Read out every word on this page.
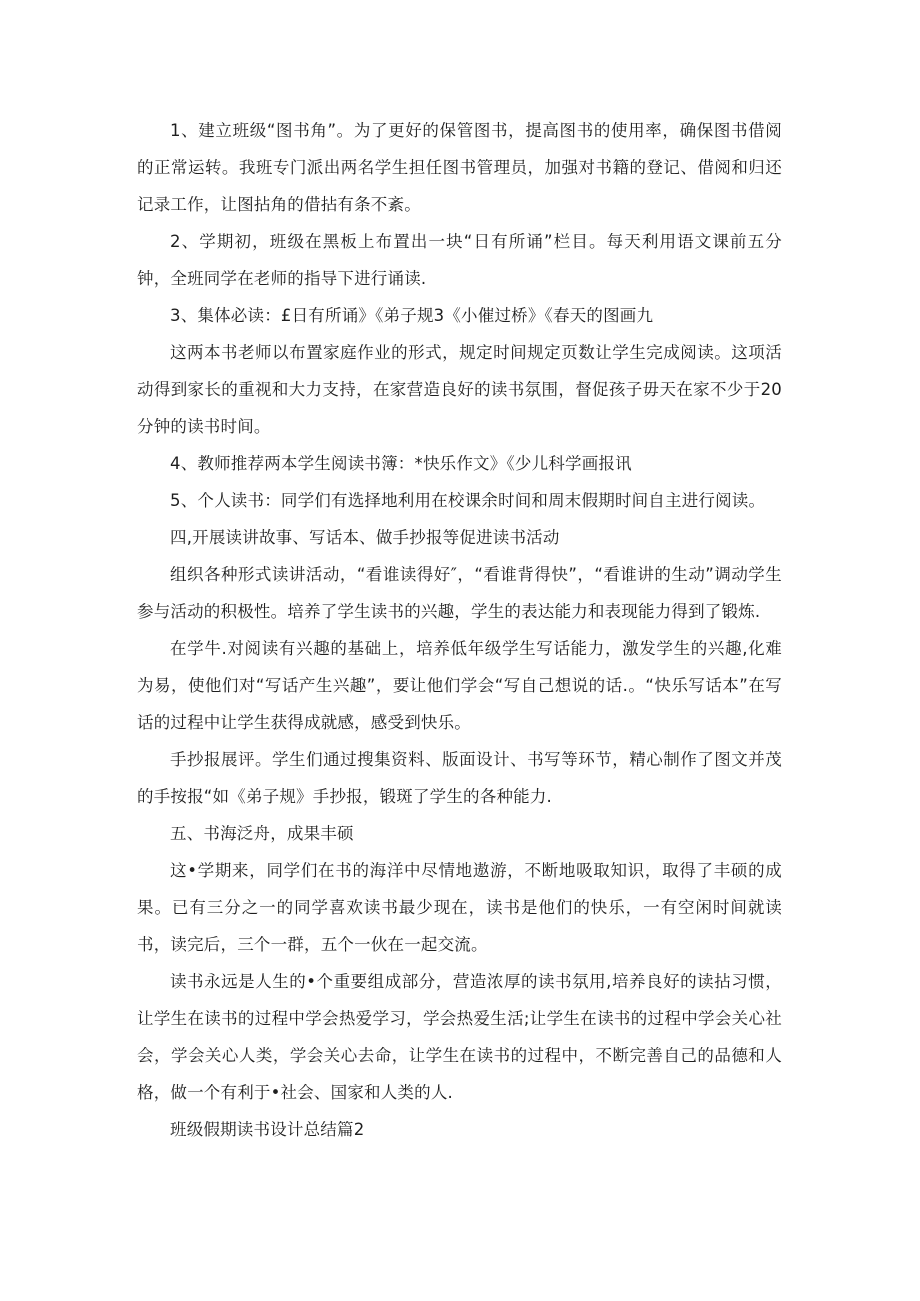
1、建立班级“图书角”。为了更好的保管图书，提高图书的使用率，确保图书借阅的正常运转。我班专门派出两名学生担任图书管理员，加强对书籍的登记、借阅和归还记录工作，让图拈角的借拈有条不紊。

2、学期初，班级在黑板上布置出一块“日有所诵”栏目。每天利用语文课前五分钟，全班同学在老师的指导下进行诵读.

3、集体必读：£日有所诵》《弟子规3《小催过桥》《春天的图画九

这两本书老师以布置家庭作业的形式，规定时间规定页数让学生完成阅读。这项活动得到家长的重视和大力支持，在家营造良好的读书氛围，督促孩子毋天在家不少于20分钟的读书时间。

4、教师推荐两本学生阅读书簿：*快乐作文》《少儿科学画报讯

5、个人读书：同学们有选择地利用在校课余时间和周末假期时间自主进行阅读。

四,开展读讲故事、写话本、做手抄报等促进读书活动

组织各种形式读讲活动，“看谁读得好″，“看谁背得快”，“看谁讲的生动”调动学生参与活动的积极性。培养了学生读书的兴趣，学生的表达能力和表现能力得到了锻炼.

在学牛.对阅读有兴趣的基础上，培养低年级学生写话能力，激发学生的兴趣,化难为易，使他们对“写话产生兴趣”，要让他们学会“写自己想说的话.。“快乐写话本”在写话的过程中让学生获得成就感，感受到快乐。

手抄报展评。学生们通过搜集资料、版面设计、书写等环节，精心制作了图文并茂的手按报“如《弟子规》手抄报，锻斑了学生的各种能力.

五、书海泛舟，成果丰硕

这•学期来，同学们在书的海洋中尽情地遨游，不断地吸取知识，取得了丰硕的成果。已有三分之一的同学喜欢读书最少现在，读书是他们的快乐，一有空闲时间就读书，读完后，三个一群，五个一伙在一起交流。

读书永远是人生的•个重要组成部分，营造浓厚的读书氛用,培养良好的读拈习惯，让学生在读书的过程中学会热爱学习，学会热爱生活;让学生在读书的过程中学会关心社会，学会关心人类，学会关心去命，让学生在读书的过程中，不断完善自己的品德和人格，做一个有利于•社会、国家和人类的人.

班级假期读书设计总结篇2
